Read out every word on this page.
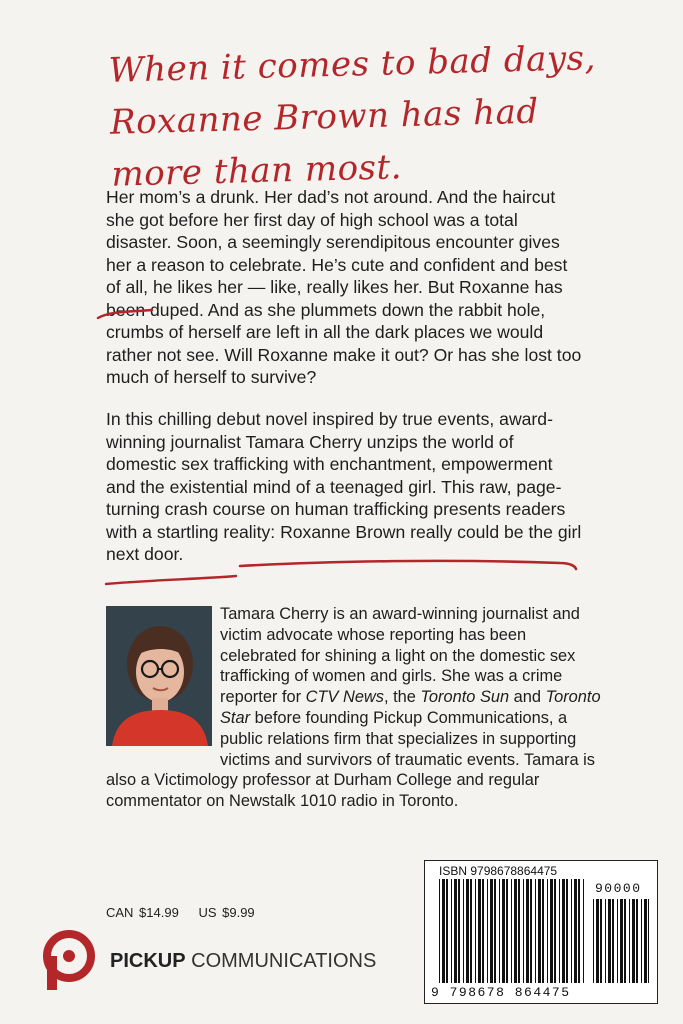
When it comes to bad days,
Roxanne Brown has had
more than most.
Her mom’s a drunk. Her dad’s not around. And the haircut she got before her first day of high school was a total disaster. Soon, a seemingly serendipitous encounter gives her a reason to celebrate. He’s cute and confident and best of all, he likes her — like, really likes her. But Roxanne has been duped. And as she plummets down the rabbit hole, crumbs of herself are left in all the dark places we would rather not see. Will Roxanne make it out? Or has she lost too much of herself to survive?
In this chilling debut novel inspired by true events, award-winning journalist Tamara Cherry unzips the world of domestic sex trafficking with enchantment, empowerment and the existential mind of a teenaged girl. This raw, page-turning crash course on human trafficking presents readers with a startling reality: Roxanne Brown really could be the girl next door.
Tamara Cherry is an award-winning journalist and victim advocate whose reporting has been celebrated for shining a light on the domestic sex trafficking of women and girls. She was a crime reporter for CTV News, the Toronto Sun and Toronto Star before founding Pickup Communications, a public relations firm that specializes in supporting victims and survivors of traumatic events. Tamara is also a Victimology professor at Durham College and regular commentator on Newstalk 1010 radio in Toronto.
CAN $14.99 US $9.99
PICKUP COMMUNICATIONS
ISBN 9798678864475
90000
9 798678 864475
